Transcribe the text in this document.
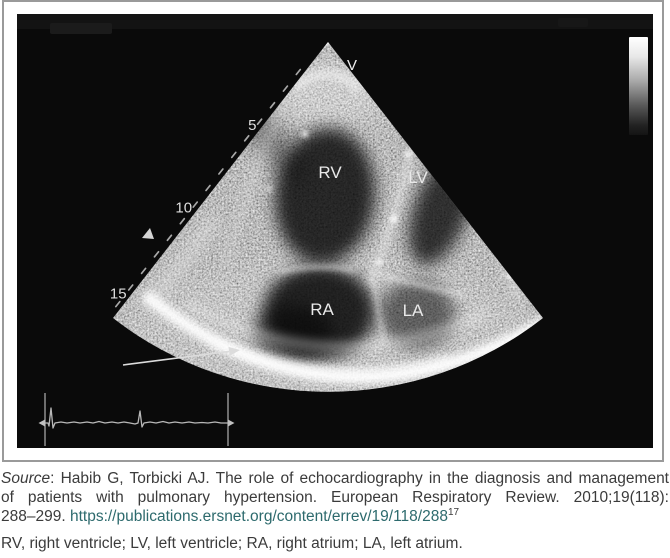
5
10
15
V
RV	LV
RA	LA
Source: Habib G, Torbicki AJ. The role of echocardiography in the diagnosis and management
of patients with pulmonary hypertension. European Respiratory Review. 2010;19(118):
288–299. https://publications.ersnet.org/content/errev/19/118/288$^{17}$
RV, right ventricle; LV, left ventricle; RA, right atrium; LA, left atrium.
